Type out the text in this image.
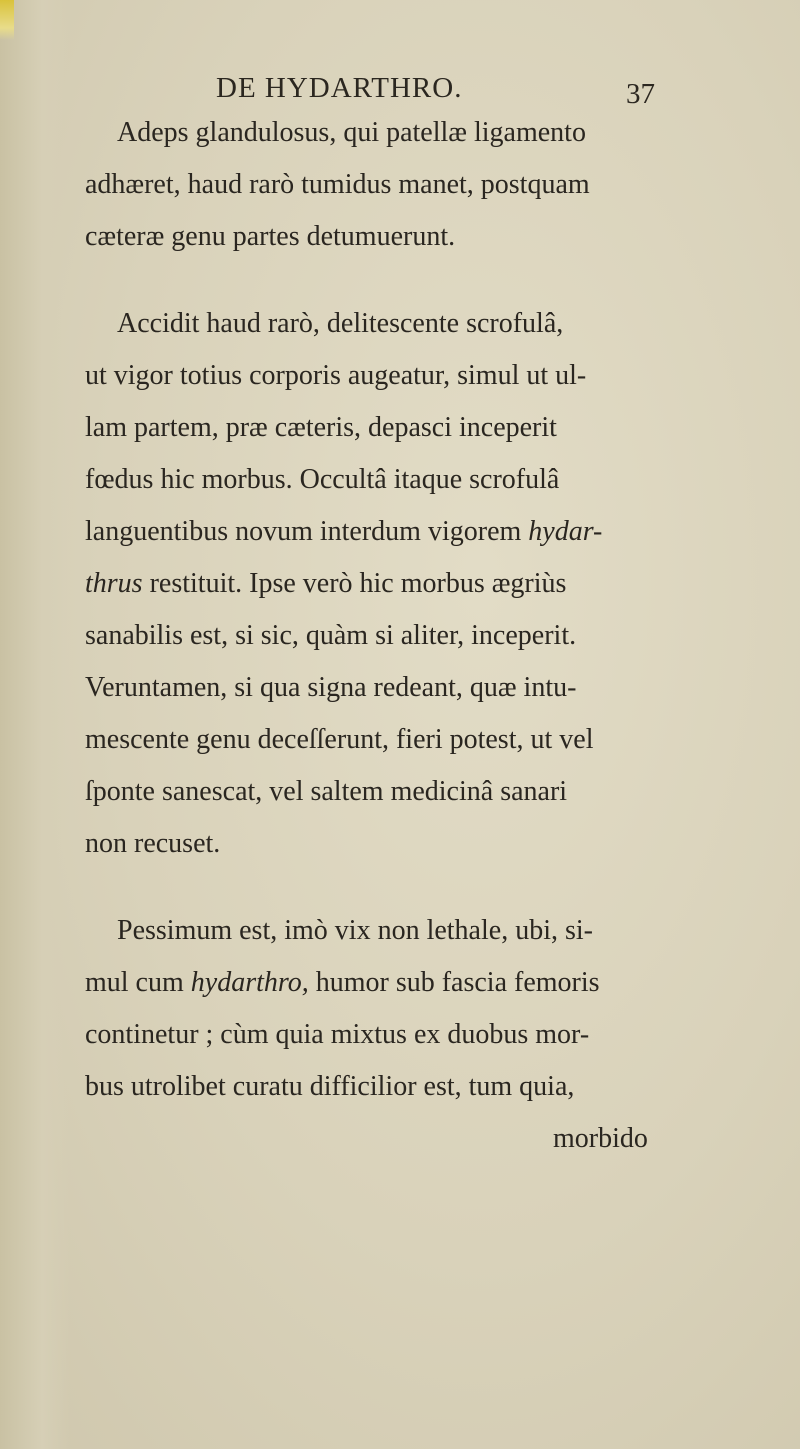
DE HYDARTHRO.	37
Adeps glandulosus, qui patellæ ligamento
adhæret, haud rarò tumidus manet, postquam
cæteræ genu partes detumuerunt.
Accidit haud rarò, delitescente scrofulâ,
ut vigor totius corporis augeatur, simul ut ul-
lam partem, præ cæteris, depasci inceperit
fœdus hic morbus. Occultâ itaque scrofulâ
languentibus novum interdum vigorem hydar-
thrus restituit. Ipse verò hic morbus ægriùs
sanabilis est, si sic, quàm si aliter, inceperit.
Veruntamen, si qua signa redeant, quæ intu-
mescente genu deceſſerunt, fieri potest, ut vel
ſponte sanescat, vel saltem medicinâ sanari
non recuset.
Pessimum est, imò vix non lethale, ubi, si-
mul cum hydarthro, humor sub fascia femoris
continetur ; cùm quia mixtus ex duobus mor-
bus utrolibet curatu difficilior est, tum quia,
morbido
